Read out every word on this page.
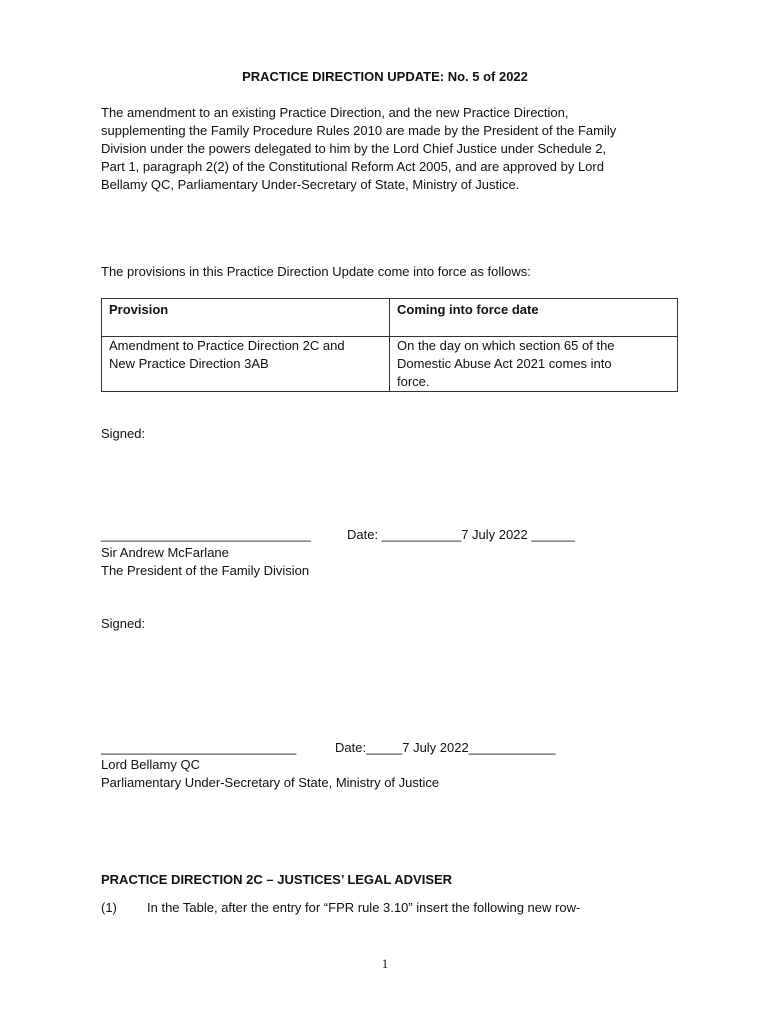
PRACTICE DIRECTION UPDATE: No. 5 of 2022
The amendment to an existing Practice Direction, and the new Practice Direction,
supplementing the Family Procedure Rules 2010 are made by the President of the Family
Division under the powers delegated to him by the Lord Chief Justice under Schedule 2,
Part 1, paragraph 2(2) of the Constitutional Reform Act 2005, and are approved by Lord
Bellamy QC, Parliamentary Under-Secretary of State, Ministry of Justice.
The provisions in this Practice Direction Update come into force as follows:
Provision	Coming into force date

Amendment to Practice Direction 2C and
New Practice Direction 3AB	On the day on which section 65 of the
Domestic Abuse Act 2021 comes into
force.
Signed:
_____________________________	Date: ___________7 July 2022 ______
Sir Andrew McFarlane
The President of the Family Division
Signed:
___________________________	Date:_____7 July 2022____________
Lord Bellamy QC
Parliamentary Under-Secretary of State, Ministry of Justice
PRACTICE DIRECTION 2C – JUSTICES’ LEGAL ADVISER
(1) In the Table, after the entry for “FPR rule 3.10” insert the following new row-
1
